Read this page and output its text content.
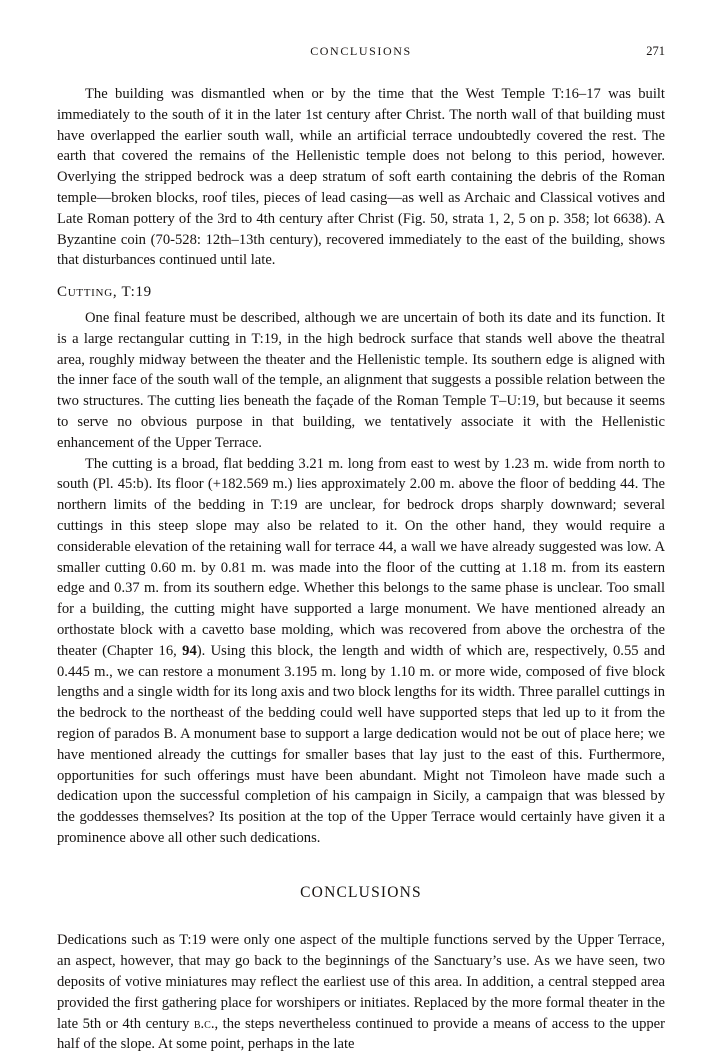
CONCLUSIONS	271

The building was dismantled when or by the time that the West Temple T:16–17 was built immediately to the south of it in the later 1st century after Christ. The north wall of that building must have overlapped the earlier south wall, while an artificial terrace undoubtedly covered the rest. The earth that covered the remains of the Hellenistic temple does not belong to this period, however. Overlying the stripped bedrock was a deep stratum of soft earth containing the debris of the Roman temple—broken blocks, roof tiles, pieces of lead casing—as well as Archaic and Classical votives and Late Roman pottery of the 3rd to 4th century after Christ (Fig. 50, strata 1, 2, 5 on p. 358; lot 6638). A Byzantine coin (70-528: 12th–13th century), recovered immediately to the east of the building, shows that disturbances continued until late.

Cutting, T:19

One final feature must be described, although we are uncertain of both its date and its function. It is a large rectangular cutting in T:19, in the high bedrock surface that stands well above the theatral area, roughly midway between the theater and the Hellenistic temple. Its southern edge is aligned with the inner face of the south wall of the temple, an alignment that suggests a possible relation between the two structures. The cutting lies beneath the façade of the Roman Temple T–U:19, but because it seems to serve no obvious purpose in that building, we tentatively associate it with the Hellenistic enhancement of the Upper Terrace.

The cutting is a broad, flat bedding 3.21 m. long from east to west by 1.23 m. wide from north to south (Pl. 45:b). Its floor (+182.569 m.) lies approximately 2.00 m. above the floor of bedding 44. The northern limits of the bedding in T:19 are unclear, for bedrock drops sharply downward; several cuttings in this steep slope may also be related to it. On the other hand, they would require a considerable elevation of the retaining wall for terrace 44, a wall we have already suggested was low. A smaller cutting 0.60 m. by 0.81 m. was made into the floor of the cutting at 1.18 m. from its eastern edge and 0.37 m. from its southern edge. Whether this belongs to the same phase is unclear. Too small for a building, the cutting might have supported a large monument. We have mentioned already an orthostate block with a cavetto base molding, which was recovered from above the orchestra of the theater (Chapter 16, 94). Using this block, the length and width of which are, respectively, 0.55 and 0.445 m., we can restore a monument 3.195 m. long by 1.10 m. or more wide, composed of five block lengths and a single width for its long axis and two block lengths for its width. Three parallel cuttings in the bedrock to the northeast of the bedding could well have supported steps that led up to it from the region of parados B. A monument base to support a large dedication would not be out of place here; we have mentioned already the cuttings for smaller bases that lay just to the east of this. Furthermore, opportunities for such offerings must have been abundant. Might not Timoleon have made such a dedication upon the successful completion of his campaign in Sicily, a campaign that was blessed by the goddesses themselves? Its position at the top of the Upper Terrace would certainly have given it a prominence above all other such dedications.

CONCLUSIONS

Dedications such as T:19 were only one aspect of the multiple functions served by the Upper Terrace, an aspect, however, that may go back to the beginnings of the Sanctuary’s use. As we have seen, two deposits of votive miniatures may reflect the earliest use of this area. In addition, a central stepped area provided the first gathering place for worshipers or initiates. Replaced by the more formal theater in the late 5th or 4th century b.c., the steps nevertheless continued to provide a means of access to the upper half of the slope. At some point, perhaps in the late
